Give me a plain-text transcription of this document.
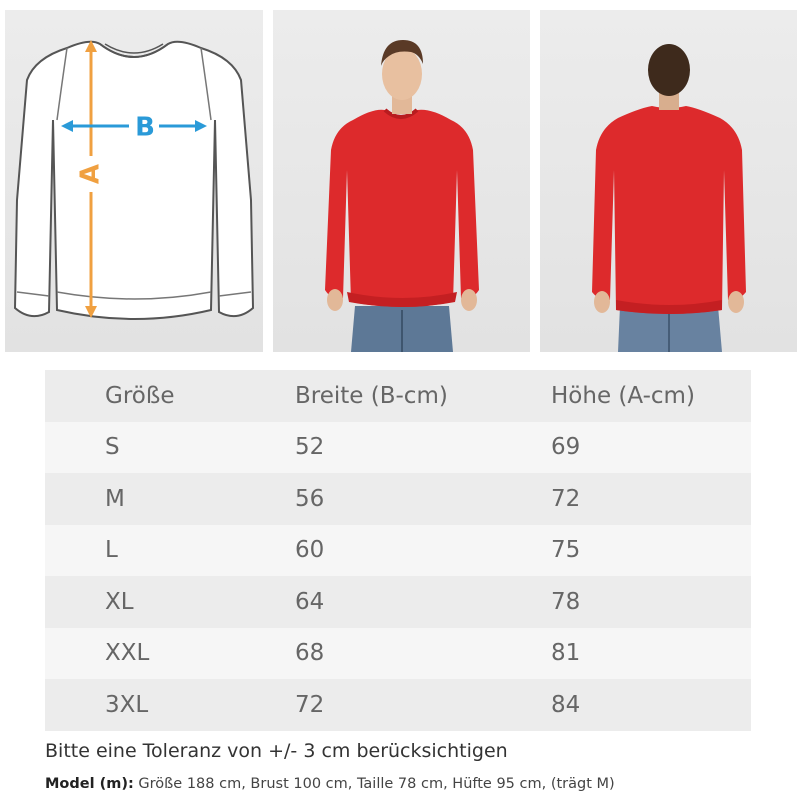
A
B
Größe	Breite (B-cm)	Höhe (A-cm)
S	52	69
M	56	72
L	60	75
XL	64	78
XXL	68	81
3XL	72	84
Bitte eine Toleranz von +/- 3 cm berücksichtigen
Model (m): Größe 188 cm, Brust 100 cm, Taille 78 cm, Hüfte 95 cm, (trägt M)
